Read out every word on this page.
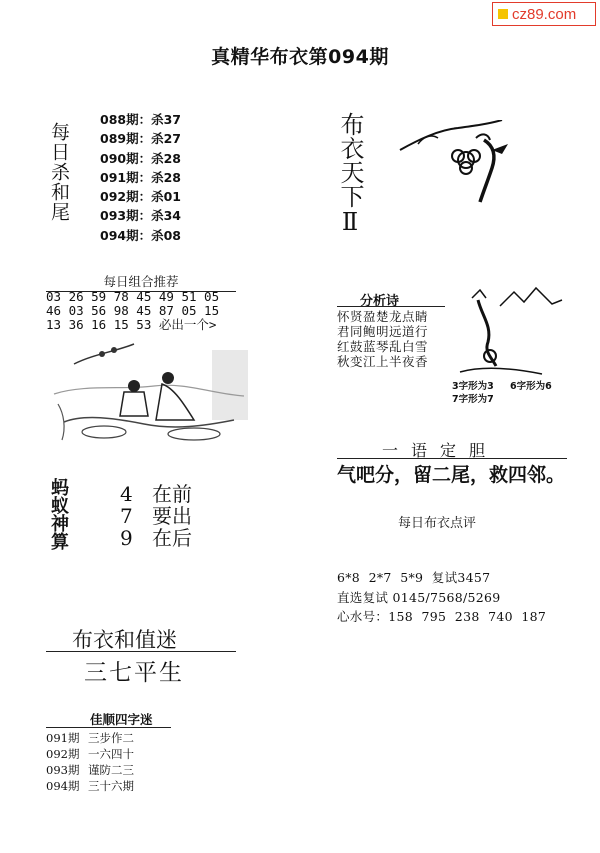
cz89.com
真精华布衣第094期
每日杀和尾
088期：杀37
089期：杀27
090期：杀28
091期：杀28
092期：杀01
093期：杀34
094期：杀08	布衣天下Ⅱ
每日组合推荐
03 26 59 78 45 49 51 05
46 03 56 98 45 87 05 15
13 36 16 15 53 必出一个>
蚂蚁神算	4 在前
7 要出
9 在后
布衣和值迷
三七平生
佳顺四字迷
091期 三步作二
092期 一六四十
093期 谨防二三
094期 三十六期
分析诗
怀贤盈楚龙点睛
君同鲍明远道行
红鼓蓝琴乱白雪
秋变江上半夜香
3字形为3 6字形为6
7字形为7
一语定胆
气吧分，留二尾，救四邻。
每日布衣点评
6*8  2*7  5*9  复试3457
直选复试 0145/7568/5269
心水号：158  795  238  740  187
